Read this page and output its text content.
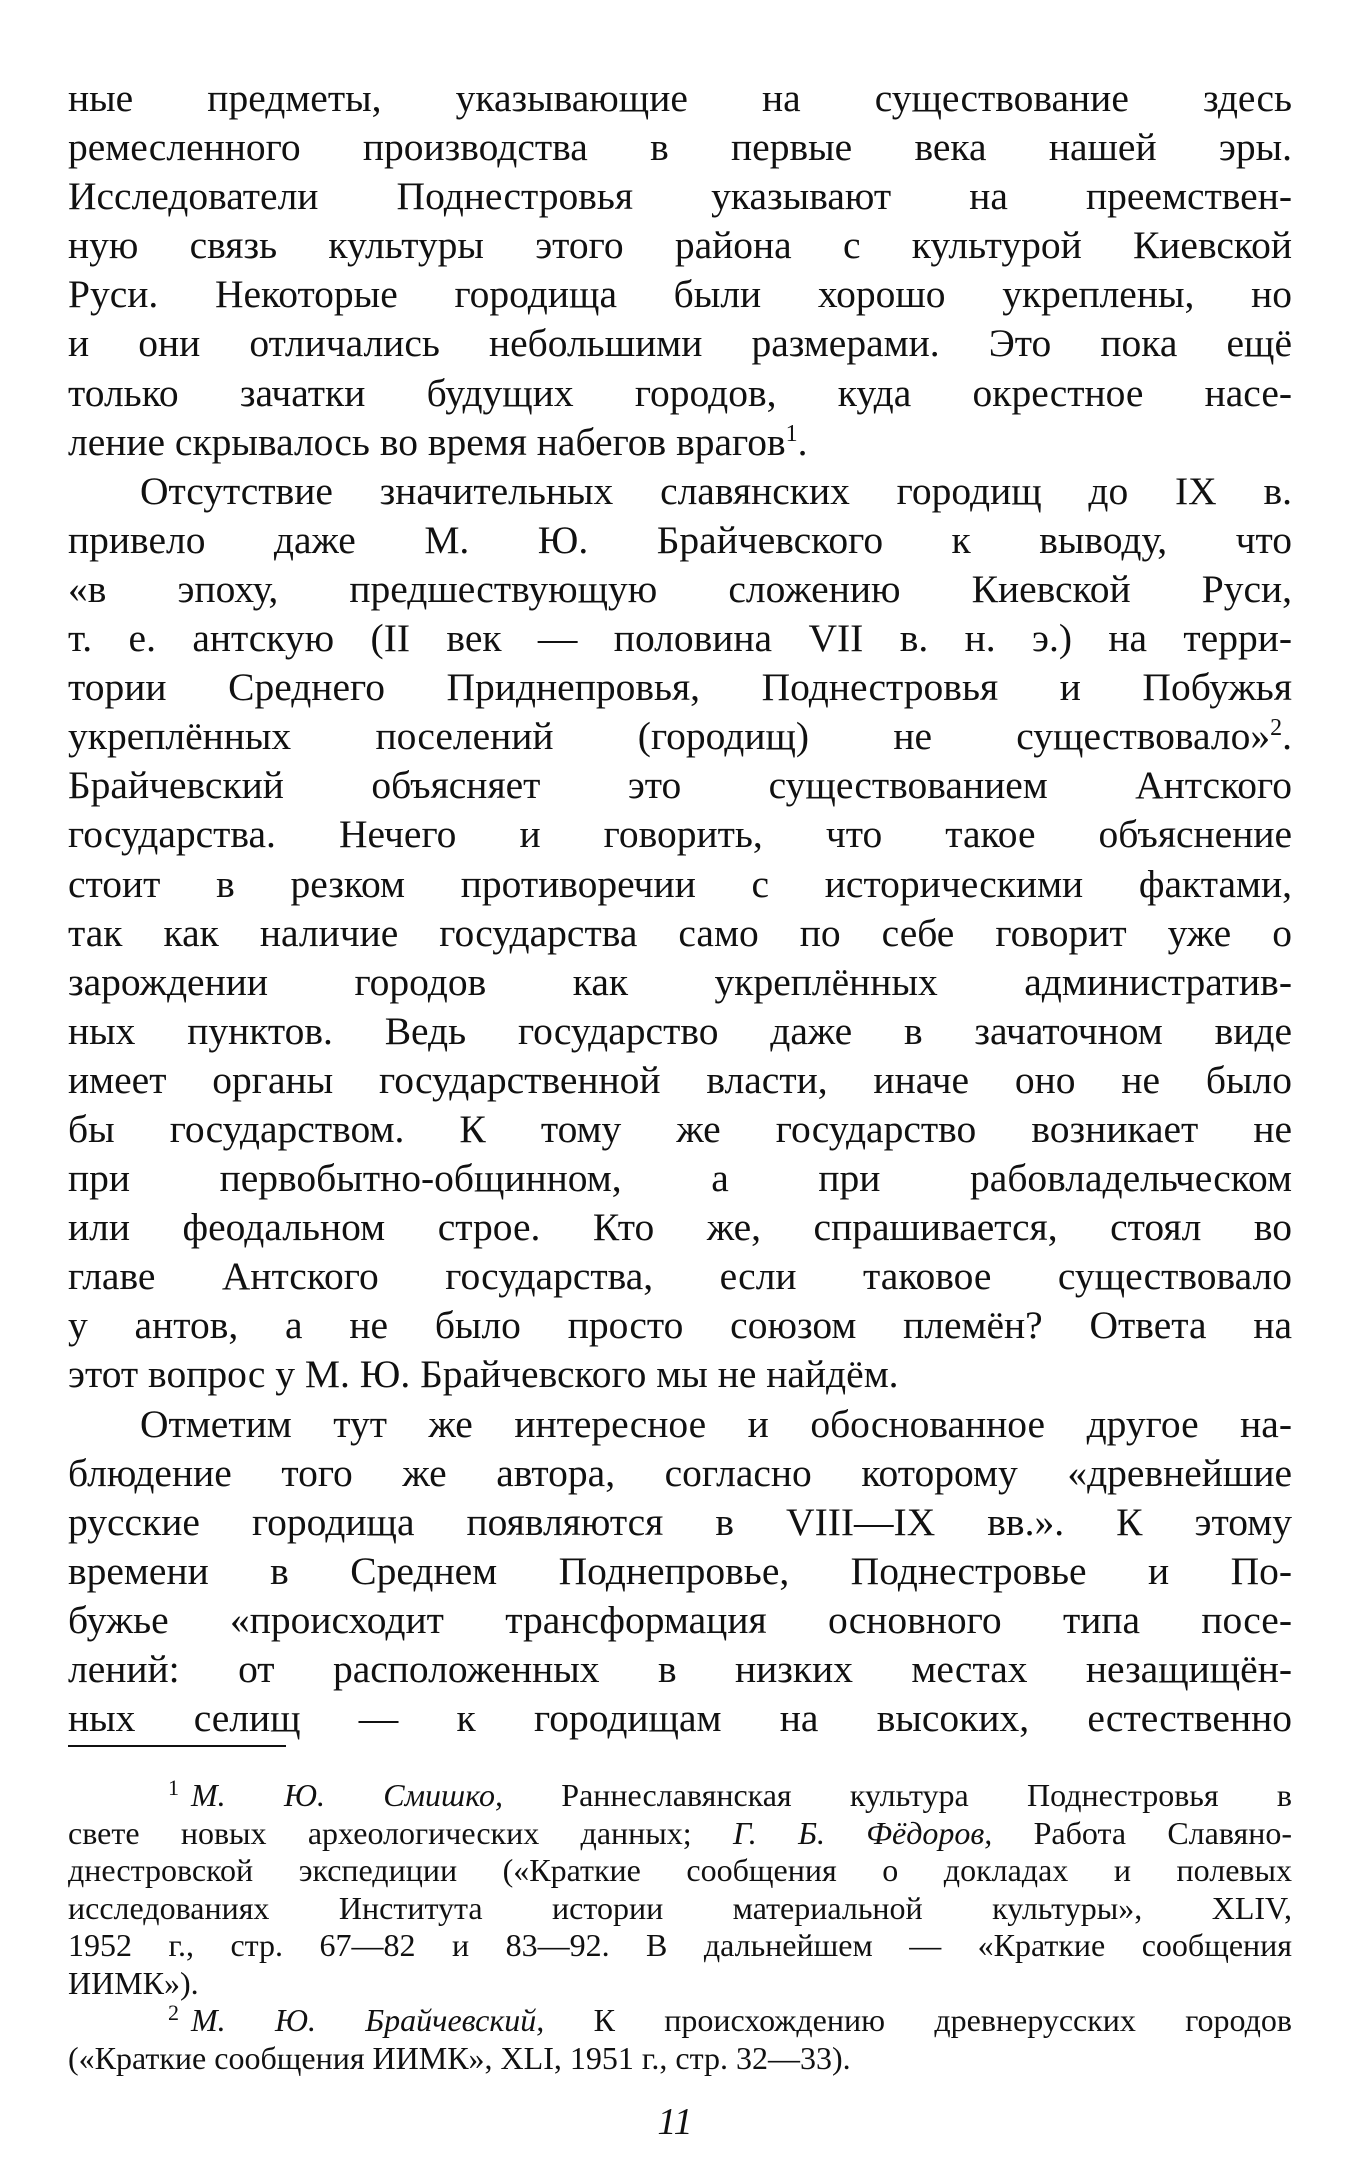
ные предметы, указывающие на существование здесь
ремесленного производства в первые века нашей эры.
Исследователи Поднестровья указывают на преемствен-
ную связь культуры этого района с культурой Киевской
Руси. Некоторые городища были хорошо укреплены, но
и они отличались небольшими размерами. Это пока ещё
только зачатки будущих городов, куда окрестное насе-
ление скрывалось во время набегов врагов$^1$.
Отсутствие значительных славянских городищ до IX в.
привело даже М. Ю. Брайчевского к выводу, что
«в эпоху, предшествующую сложению Киевской Руси,
т. е. антскую (II век — половина VII в. н. э.) на терри-
тории Среднего Приднепровья, Поднестровья и Побужья
укреплённых поселений (городищ) не существовало»$^2$.
Брайчевский объясняет это существованием Антского
государства. Нечего и говорить, что такое объяснение
стоит в резком противоречии с историческими фактами,
так как наличие государства само по себе говорит уже о
зарождении городов как укреплённых административ-
ных пунктов. Ведь государство даже в зачаточном виде
имеет органы государственной власти, иначе оно не было
бы государством. К тому же государство возникает не
при первобытно-общинном, а при рабовладельческом
или феодальном строе. Кто же, спрашивается, стоял во
главе Антского государства, если таковое существовало
у антов, а не было просто союзом племён? Ответа на
этот вопрос у М. Ю. Брайчевского мы не найдём.
Отметим тут же интересное и обоснованное другое на-
блюдение того же автора, согласно которому «древнейшие
русские городища появляются в VIII—IX вв.». К этому
времени в Среднем Поднепровье, Поднестровье и По-
бужье «происходит трансформация основного типа посе-
лений: от расположенных в низких местах незащищён-
ных селищ — к городищам на высоких, естественно
$^1$ М. Ю. Смишко, Раннеславянская культура Поднестровья в
свете новых археологических данных; Г. Б. Фёдоров, Работа Славяно-
днестровской экспедиции («Краткие сообщения о докладах и полевых
исследованиях Института истории материальной культуры», XLIV,
1952 г., стр. 67—82 и 83—92. В дальнейшем — «Краткие сообщения
ИИМК»).
$^2$ М. Ю. Брайчевский, К происхождению древнерусских городов
(«Краткие сообщения ИИМК», XLI, 1951 г., стр. 32—33).
11
